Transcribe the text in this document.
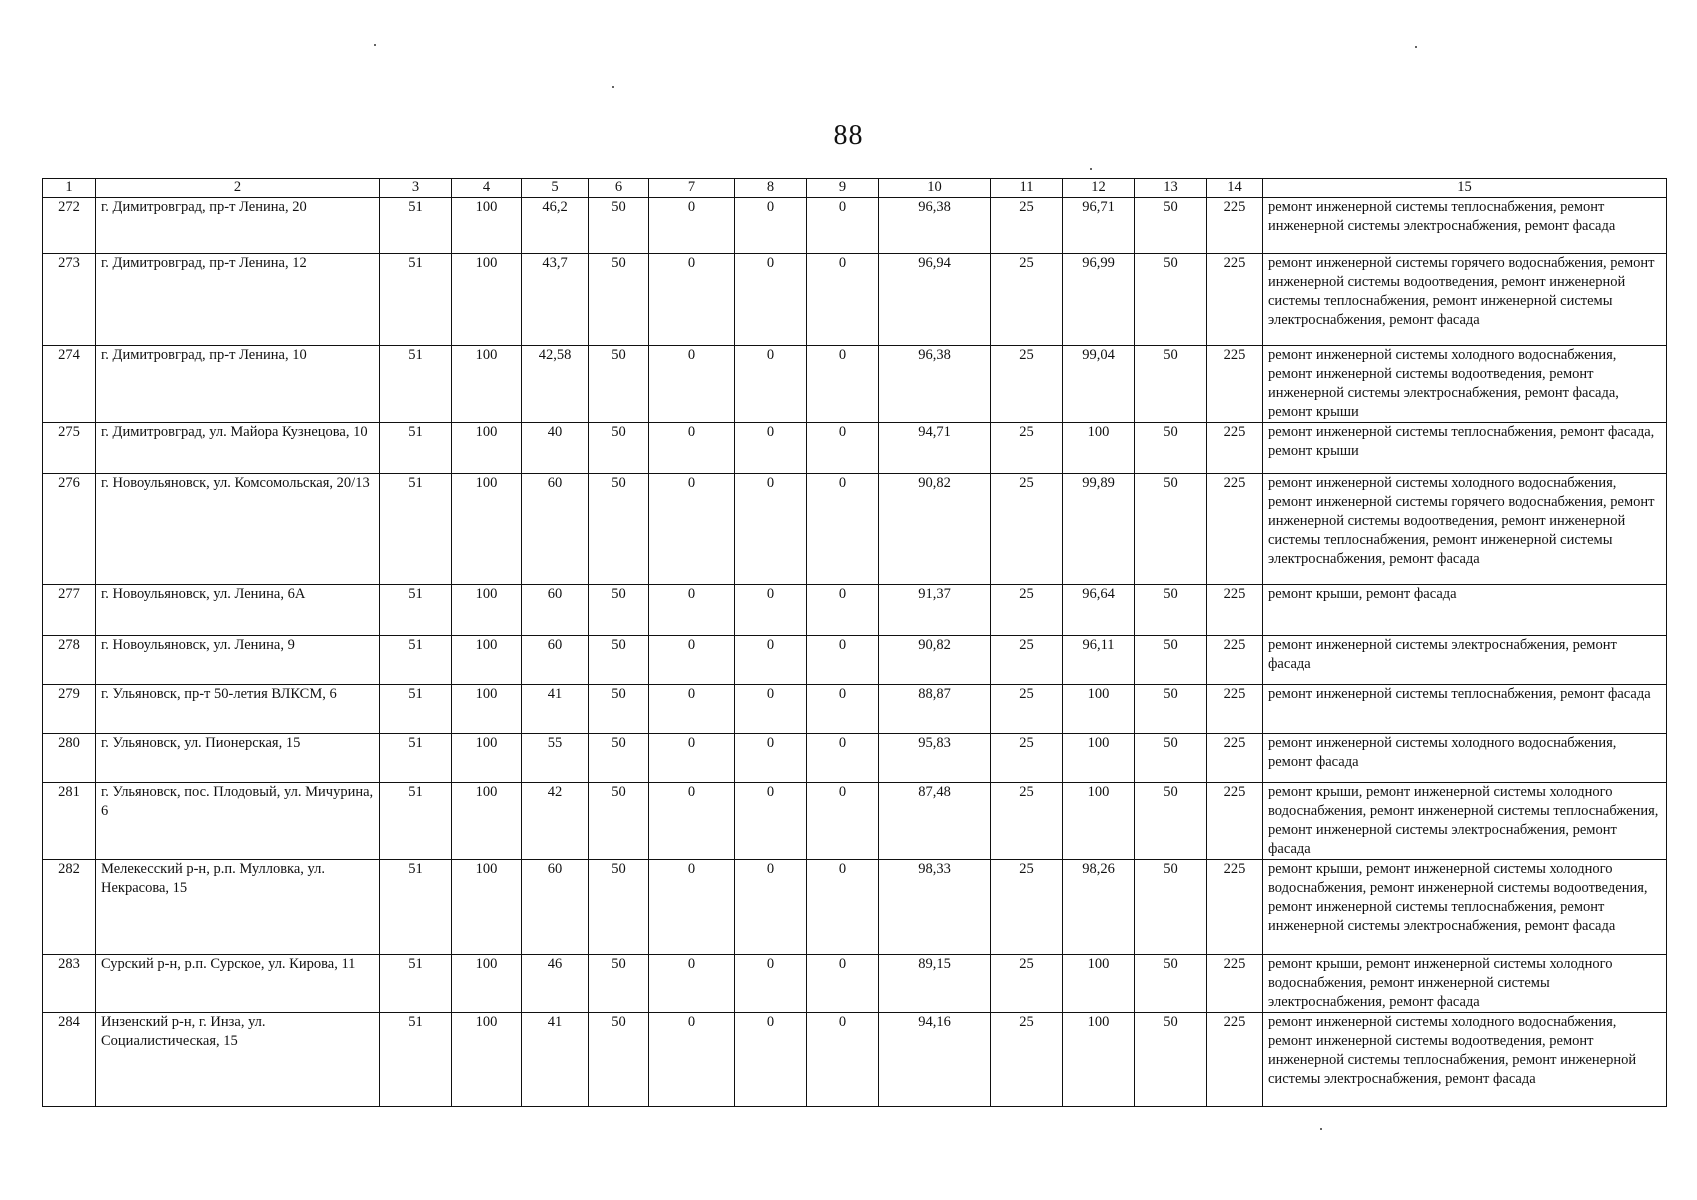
88
1	2	3	4	5	6	7	8	9	10	11	12	13	14	15
272	г. Димитровград, пр-т Ленина, 20	51	100	46,2	50	0	0	0	96,38	25	96,71	50	225	ремонт инженерной системы теплоснабжения, ремонт инженерной системы электроснабжения, ремонт фасада
273	г. Димитровград, пр-т Ленина, 12	51	100	43,7	50	0	0	0	96,94	25	96,99	50	225	ремонт инженерной системы горячего водоснабжения, ремонт инженерной системы водоотведения, ремонт инженерной системы теплоснабжения, ремонт инженерной системы электроснабжения, ремонт фасада
274	г. Димитровград, пр-т Ленина, 10	51	100	42,58	50	0	0	0	96,38	25	99,04	50	225	ремонт инженерной системы холодного водоснабжения, ремонт инженерной системы водоотведения, ремонт инженерной системы электроснабжения, ремонт фасада, ремонт крыши
275	г. Димитровград, ул. Майора Кузнецова, 10	51	100	40	50	0	0	0	94,71	25	100	50	225	ремонт инженерной системы теплоснабжения, ремонт фасада, ремонт крыши
276	г. Новоульяновск, ул. Комсомольская, 20/13	51	100	60	50	0	0	0	90,82	25	99,89	50	225	ремонт инженерной системы холодного водоснабжения, ремонт инженерной системы горячего водоснабжения, ремонт инженерной системы водоотведения, ремонт инженерной системы теплоснабжения, ремонт инженерной системы электроснабжения, ремонт фасада
277	г. Новоульяновск, ул. Ленина, 6А	51	100	60	50	0	0	0	91,37	25	96,64	50	225	ремонт крыши, ремонт фасада
278	г. Новоульяновск, ул. Ленина, 9	51	100	60	50	0	0	0	90,82	25	96,11	50	225	ремонт инженерной системы электроснабжения, ремонт фасада
279	г. Ульяновск, пр-т 50-летия ВЛКСМ, 6	51	100	41	50	0	0	0	88,87	25	100	50	225	ремонт инженерной системы теплоснабжения, ремонт фасада
280	г. Ульяновск, ул. Пионерская, 15	51	100	55	50	0	0	0	95,83	25	100	50	225	ремонт инженерной системы холодного водоснабжения, ремонт фасада
281	г. Ульяновск, пос. Плодовый, ул. Мичурина, 6	51	100	42	50	0	0	0	87,48	25	100	50	225	ремонт крыши, ремонт инженерной системы холодного водоснабжения, ремонт инженерной системы теплоснабжения, ремонт инженерной системы электроснабжения, ремонт фасада
282	Мелекесский р-н, р.п. Мулловка, ул. Некрасова, 15	51	100	60	50	0	0	0	98,33	25	98,26	50	225	ремонт крыши, ремонт инженерной системы холодного водоснабжения, ремонт инженерной системы водоотведения, ремонт инженерной системы теплоснабжения, ремонт инженерной системы электроснабжения, ремонт фасада
283	Сурский р-н, р.п. Сурское, ул. Кирова, 11	51	100	46	50	0	0	0	89,15	25	100	50	225	ремонт крыши, ремонт инженерной системы холодного водоснабжения, ремонт инженерной системы электроснабжения, ремонт фасада
284	Инзенский р-н, г. Инза, ул. Социалистическая, 15	51	100	41	50	0	0	0	94,16	25	100	50	225	ремонт инженерной системы холодного водоснабжения, ремонт инженерной системы водоотведения, ремонт инженерной системы теплоснабжения, ремонт инженерной системы электроснабжения, ремонт фасада
